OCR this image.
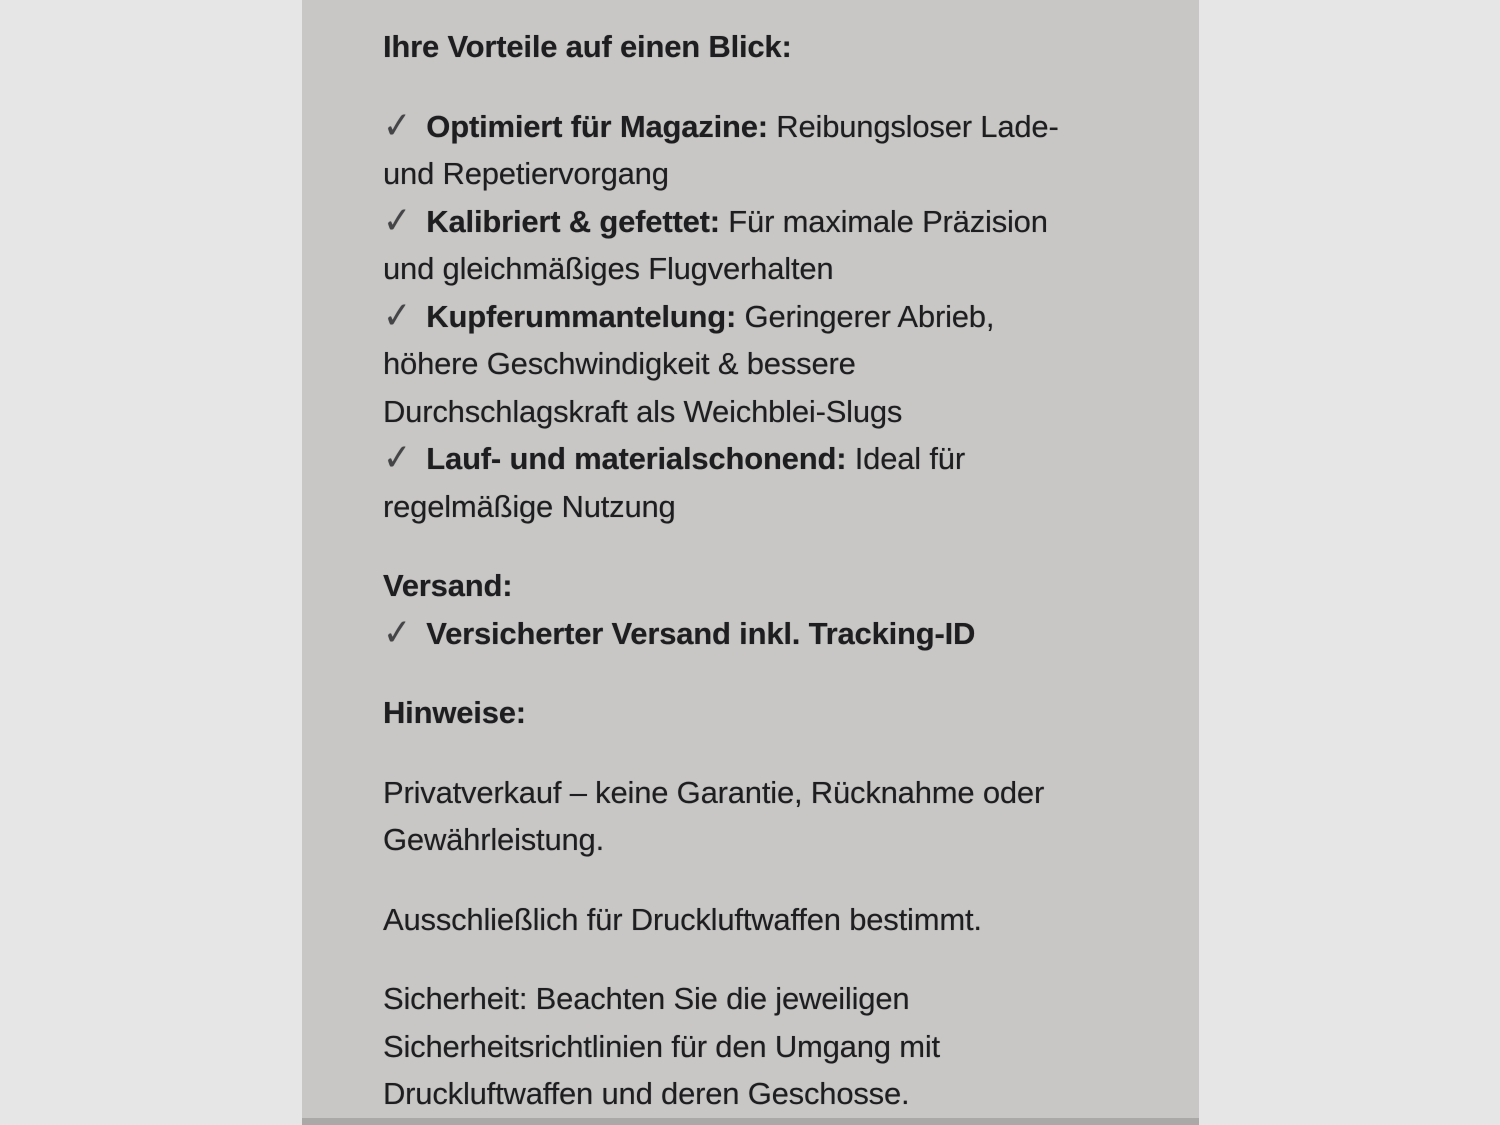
Ihre Vorteile auf einen Blick:
✓ Optimiert für Magazine: Reibungsloser Lade-
und Repetiervorgang
✓ Kalibriert & gefettet: Für maximale Präzision
und gleichmäßiges Flugverhalten
✓ Kupferummantelung: Geringerer Abrieb,
höhere Geschwindigkeit & bessere
Durchschlagskraft als Weichblei-Slugs
✓ Lauf- und materialschonend: Ideal für
regelmäßige Nutzung
Versand:
✓ Versicherter Versand inkl. Tracking-ID
Hinweise:
Privatverkauf – keine Garantie, Rücknahme oder
Gewährleistung.
Ausschließlich für Druckluftwaffen bestimmt.
Sicherheit: Beachten Sie die jeweiligen
Sicherheitsrichtlinien für den Umgang mit
Druckluftwaffen und deren Geschosse.
